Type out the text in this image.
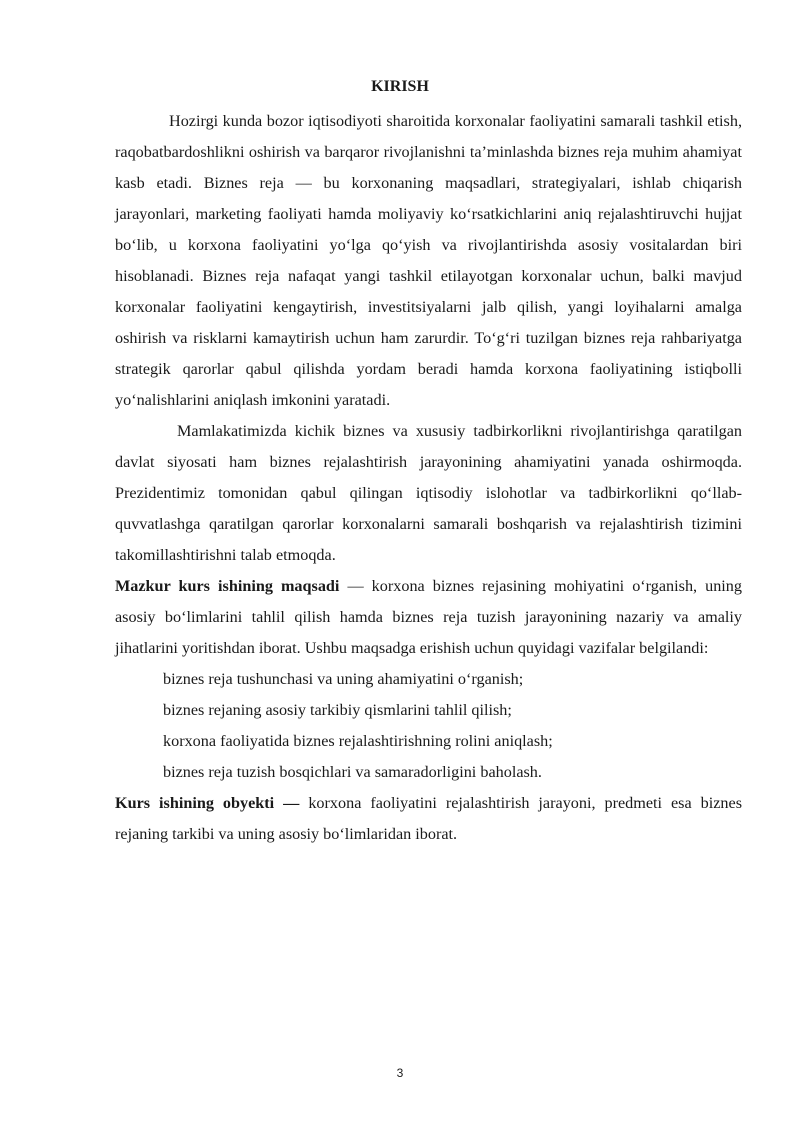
KIRISH

Hozirgi kunda bozor iqtisodiyoti sharoitida korxonalar faoliyatini samarali tashkil etish, raqobatbardoshlikni oshirish va barqaror rivojlanishni ta’minlashda biznes reja muhim ahamiyat kasb etadi. Biznes reja — bu korxonaning maqsadlari, strategiyalari, ishlab chiqarish jarayonlari, marketing faoliyati hamda moliyaviy ko‘rsatkichlarini aniq rejalashtiruvchi hujjat bo‘lib, u korxona faoliyatini yo‘lga qo‘yish va rivojlantirishda asosiy vositalardan biri hisoblanadi. Biznes reja nafaqat yangi tashkil etilayotgan korxonalar uchun, balki mavjud korxonalar faoliyatini kengaytirish, investitsiyalarni jalb qilish, yangi loyihalarni amalga oshirish va risklarni kamaytirish uchun ham zarurdir. To‘g‘ri tuzilgan biznes reja rahbariyatga strategik qarorlar qabul qilishda yordam beradi hamda korxona faoliyatining istiqbolli yo‘nalishlarini aniqlash imkonini yaratadi.

Mamlakatimizda kichik biznes va xususiy tadbirkorlikni rivojlantirishga qaratilgan davlat siyosati ham biznes rejalashtirish jarayonining ahamiyatini yanada oshirmoqda. Prezidentimiz tomonidan qabul qilingan iqtisodiy islohotlar va tadbirkorlikni qo‘llab-quvvatlashga qaratilgan qarorlar korxonalarni samarali boshqarish va rejalashtirish tizimini takomillashtirishni talab etmoqda.

Mazkur kurs ishining maqsadi — korxona biznes rejasining mohiyatini o‘rganish, uning asosiy bo‘limlarini tahlil qilish hamda biznes reja tuzish jarayonining nazariy va amaliy jihatlarini yoritishdan iborat. Ushbu maqsadga erishish uchun quyidagi vazifalar belgilandi:

biznes reja tushunchasi va uning ahamiyatini o‘rganish;

biznes rejaning asosiy tarkibiy qismlarini tahlil qilish;

korxona faoliyatida biznes rejalashtirishning rolini aniqlash;

biznes reja tuzish bosqichlari va samaradorligini baholash.

Kurs ishining obyekti — korxona faoliyatini rejalashtirish jarayoni, predmeti esa biznes rejaning tarkibi va uning asosiy bo‘limlaridan iborat.

3
